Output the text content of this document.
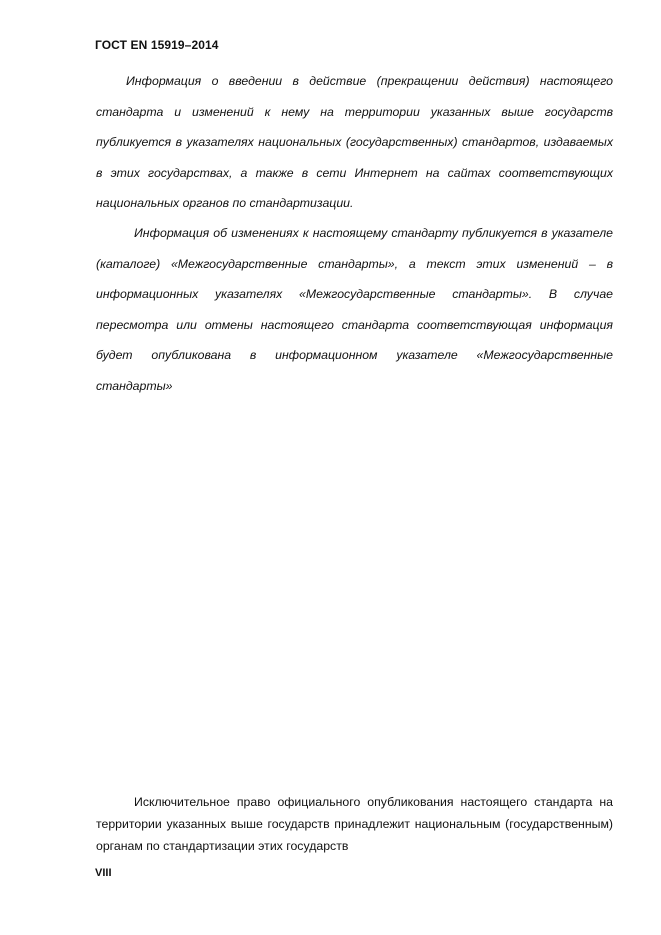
ГОСТ EN 15919–2014

Информация о введении в действие (прекращении действия) настоящего стандарта и изменений к нему на территории указанных выше государств публикуется в указателях национальных (государственных) стандартов, издаваемых в этих государствах, а также в сети Интернет на сайтах соответствующих национальных органов по стандартизации.

Информация об изменениях к настоящему стандарту публикуется в указателе (каталоге) «Межгосударственные стандарты», а текст этих изменений – в информационных указателях «Межгосударственные стандарты». В случае пересмотра или отмены настоящего стандарта соответствующая информация будет опубликована в информационном указателе «Межгосударственные стандарты»

Исключительное право официального опубликования настоящего стандарта на территории указанных выше государств принадлежит национальным (государственным) органам по стандартизации этих государств

VIII
